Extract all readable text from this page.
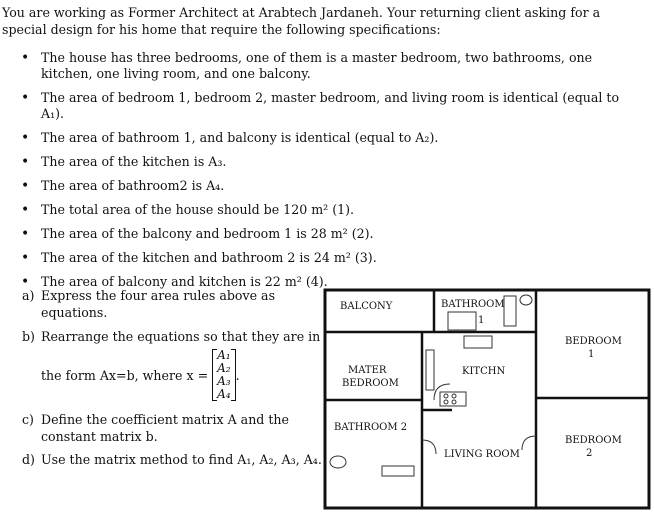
You are working as Former Architect at Arabtech Jardaneh. Your returning client asking for a special design for his home that require the following specifications:
• The house has three bedrooms, one of them is a master bedroom, two bathrooms, one kitchen, one living room, and one balcony.
• The area of bedroom 1, bedroom 2, master bedroom, and living room is identical (equal to A₁).
• The area of bathroom 1, and balcony is identical (equal to A₂).
• The area of the kitchen is A₃.
• The area of bathroom2 is A₄.
• The total area of the house should be 120 m² (1).
• The area of the balcony and bedroom 1 is 28 m² (2).
• The area of the kitchen and bathroom 2 is 24 m² (3).
• The area of balcony and kitchen is 22 m² (4).
a) Express the four area rules above as equations.
b) Rearrange the equations so that they are in
the form Ax=b, where x =
A₁
A₂
A₃
A₄
.
c) Define the coefficient matrix A and the constant matrix b.
d) Use the matrix method to find A₁, A₂, A₃, A₄.
BALCONY	BATHROOM
1
BEDROOM
1
MATER
BEDROOM
KITCHN
BATHROOM 2
LIVING ROOM
BEDROOM
2
